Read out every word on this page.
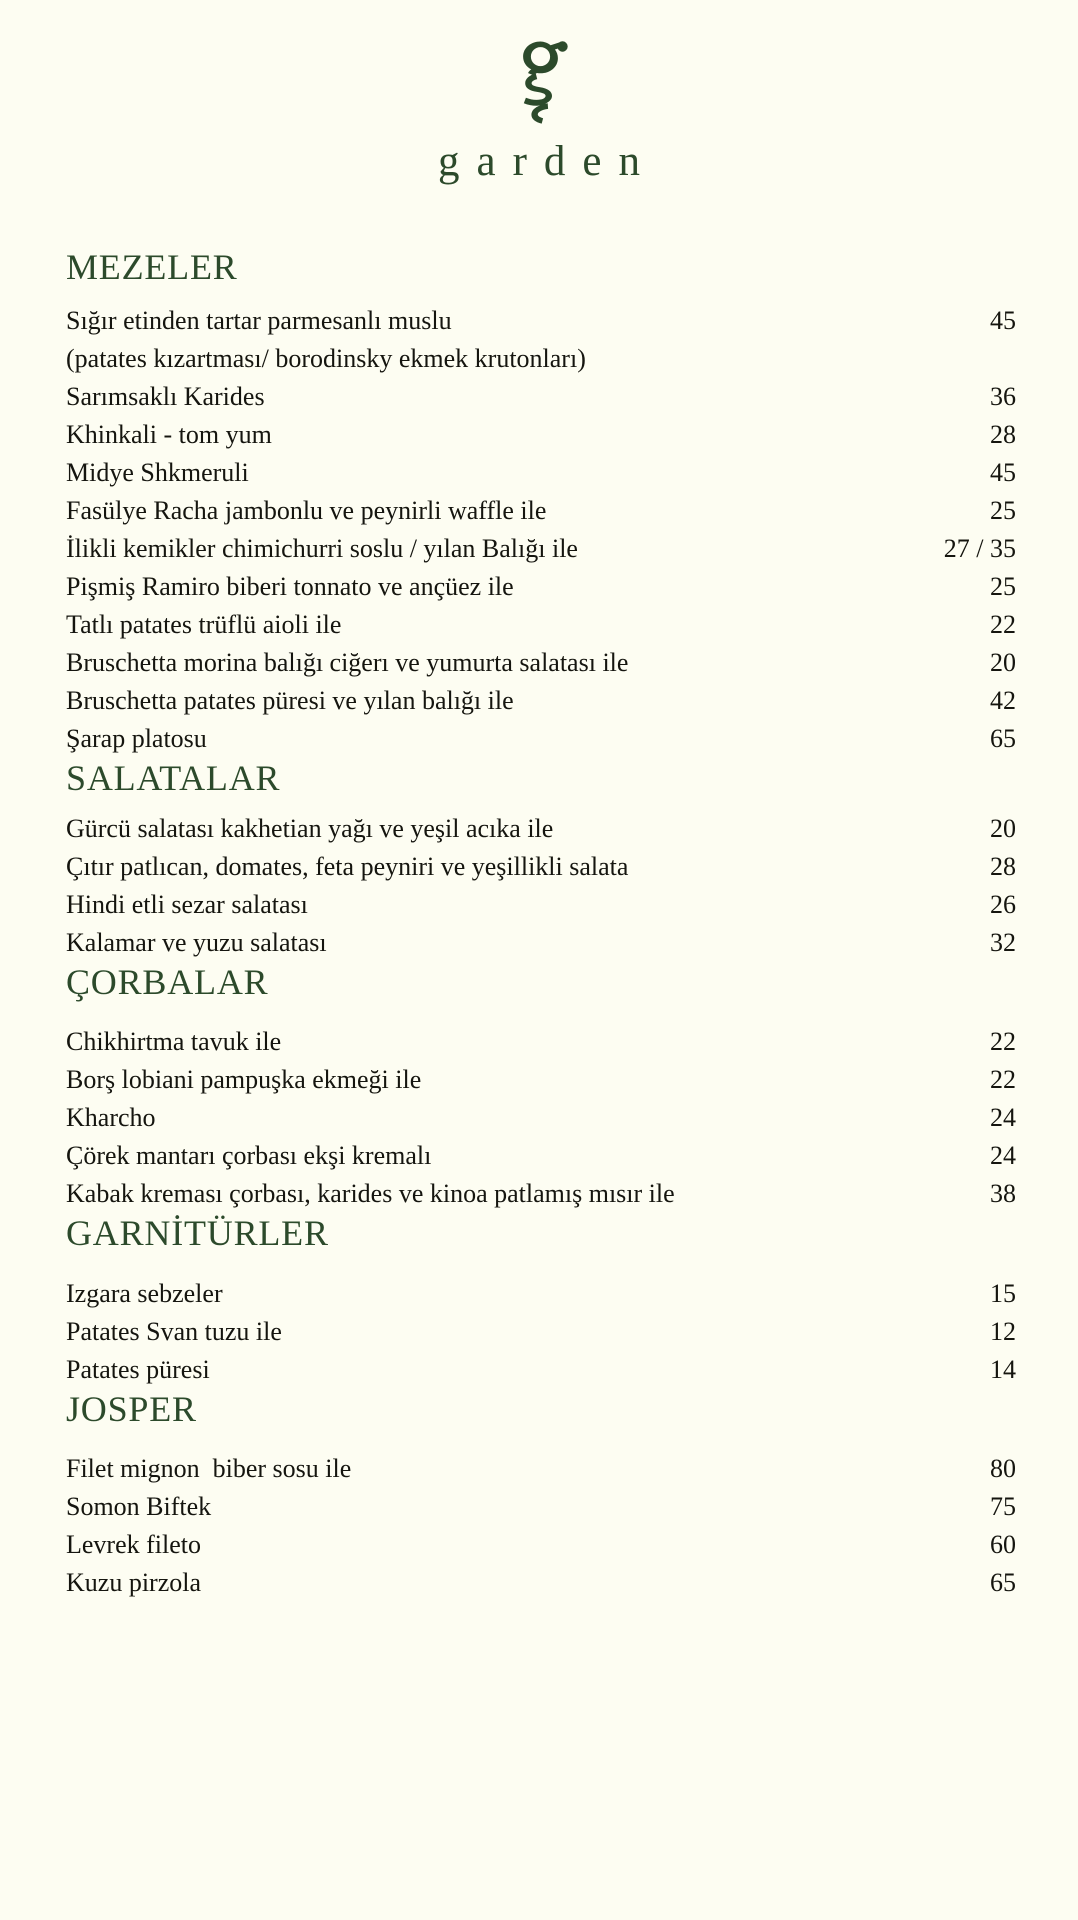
garden
MEZELER
Sığır etinden tartar parmesanlı muslu	45
(patates kızartması/ borodinsky ekmek krutonları)
Sarımsaklı Karides	36
Khinkali - tom yum	28
Midye Shkmeruli	45
Fasülye Racha jambonlu ve peynirli waffle ile	25
İlikli kemikler chimichurri soslu / yılan Balığı ile	27 / 35
Pişmiş Ramiro biberi tonnato ve ançüez ile	25
Tatlı patates trüflü aioli ile	22
Bruschetta morina balığı ciğerı ve yumurta salatası ile	20
Bruschetta patates püresi ve yılan balığı ile	42
Şarap platosu	65
SALATALAR
Gürcü salatası kakhetian yağı ve yeşil acıka ile	20
Çıtır patlıcan, domates, feta peyniri ve yeşillikli salata	28
Hindi etli sezar salatası	26
Kalamar ve yuzu salatası	32
ÇORBALAR
Chikhirtma tavuk ile	22
Borş lobiani pampuşka ekmeği ile	22
Kharcho	24
Çörek mantarı çorbası ekşi kremalı	24
Kabak kreması çorbası, karides ve kinoa patlamış mısır ile	38
GARNİTÜRLER
Izgara sebzeler	15
Patates Svan tuzu ile	12
Patates püresi	14
JOSPER
Filet mignon  biber sosu ile	80
Somon Biftek	75
Levrek fileto	60
Kuzu pirzola	65
